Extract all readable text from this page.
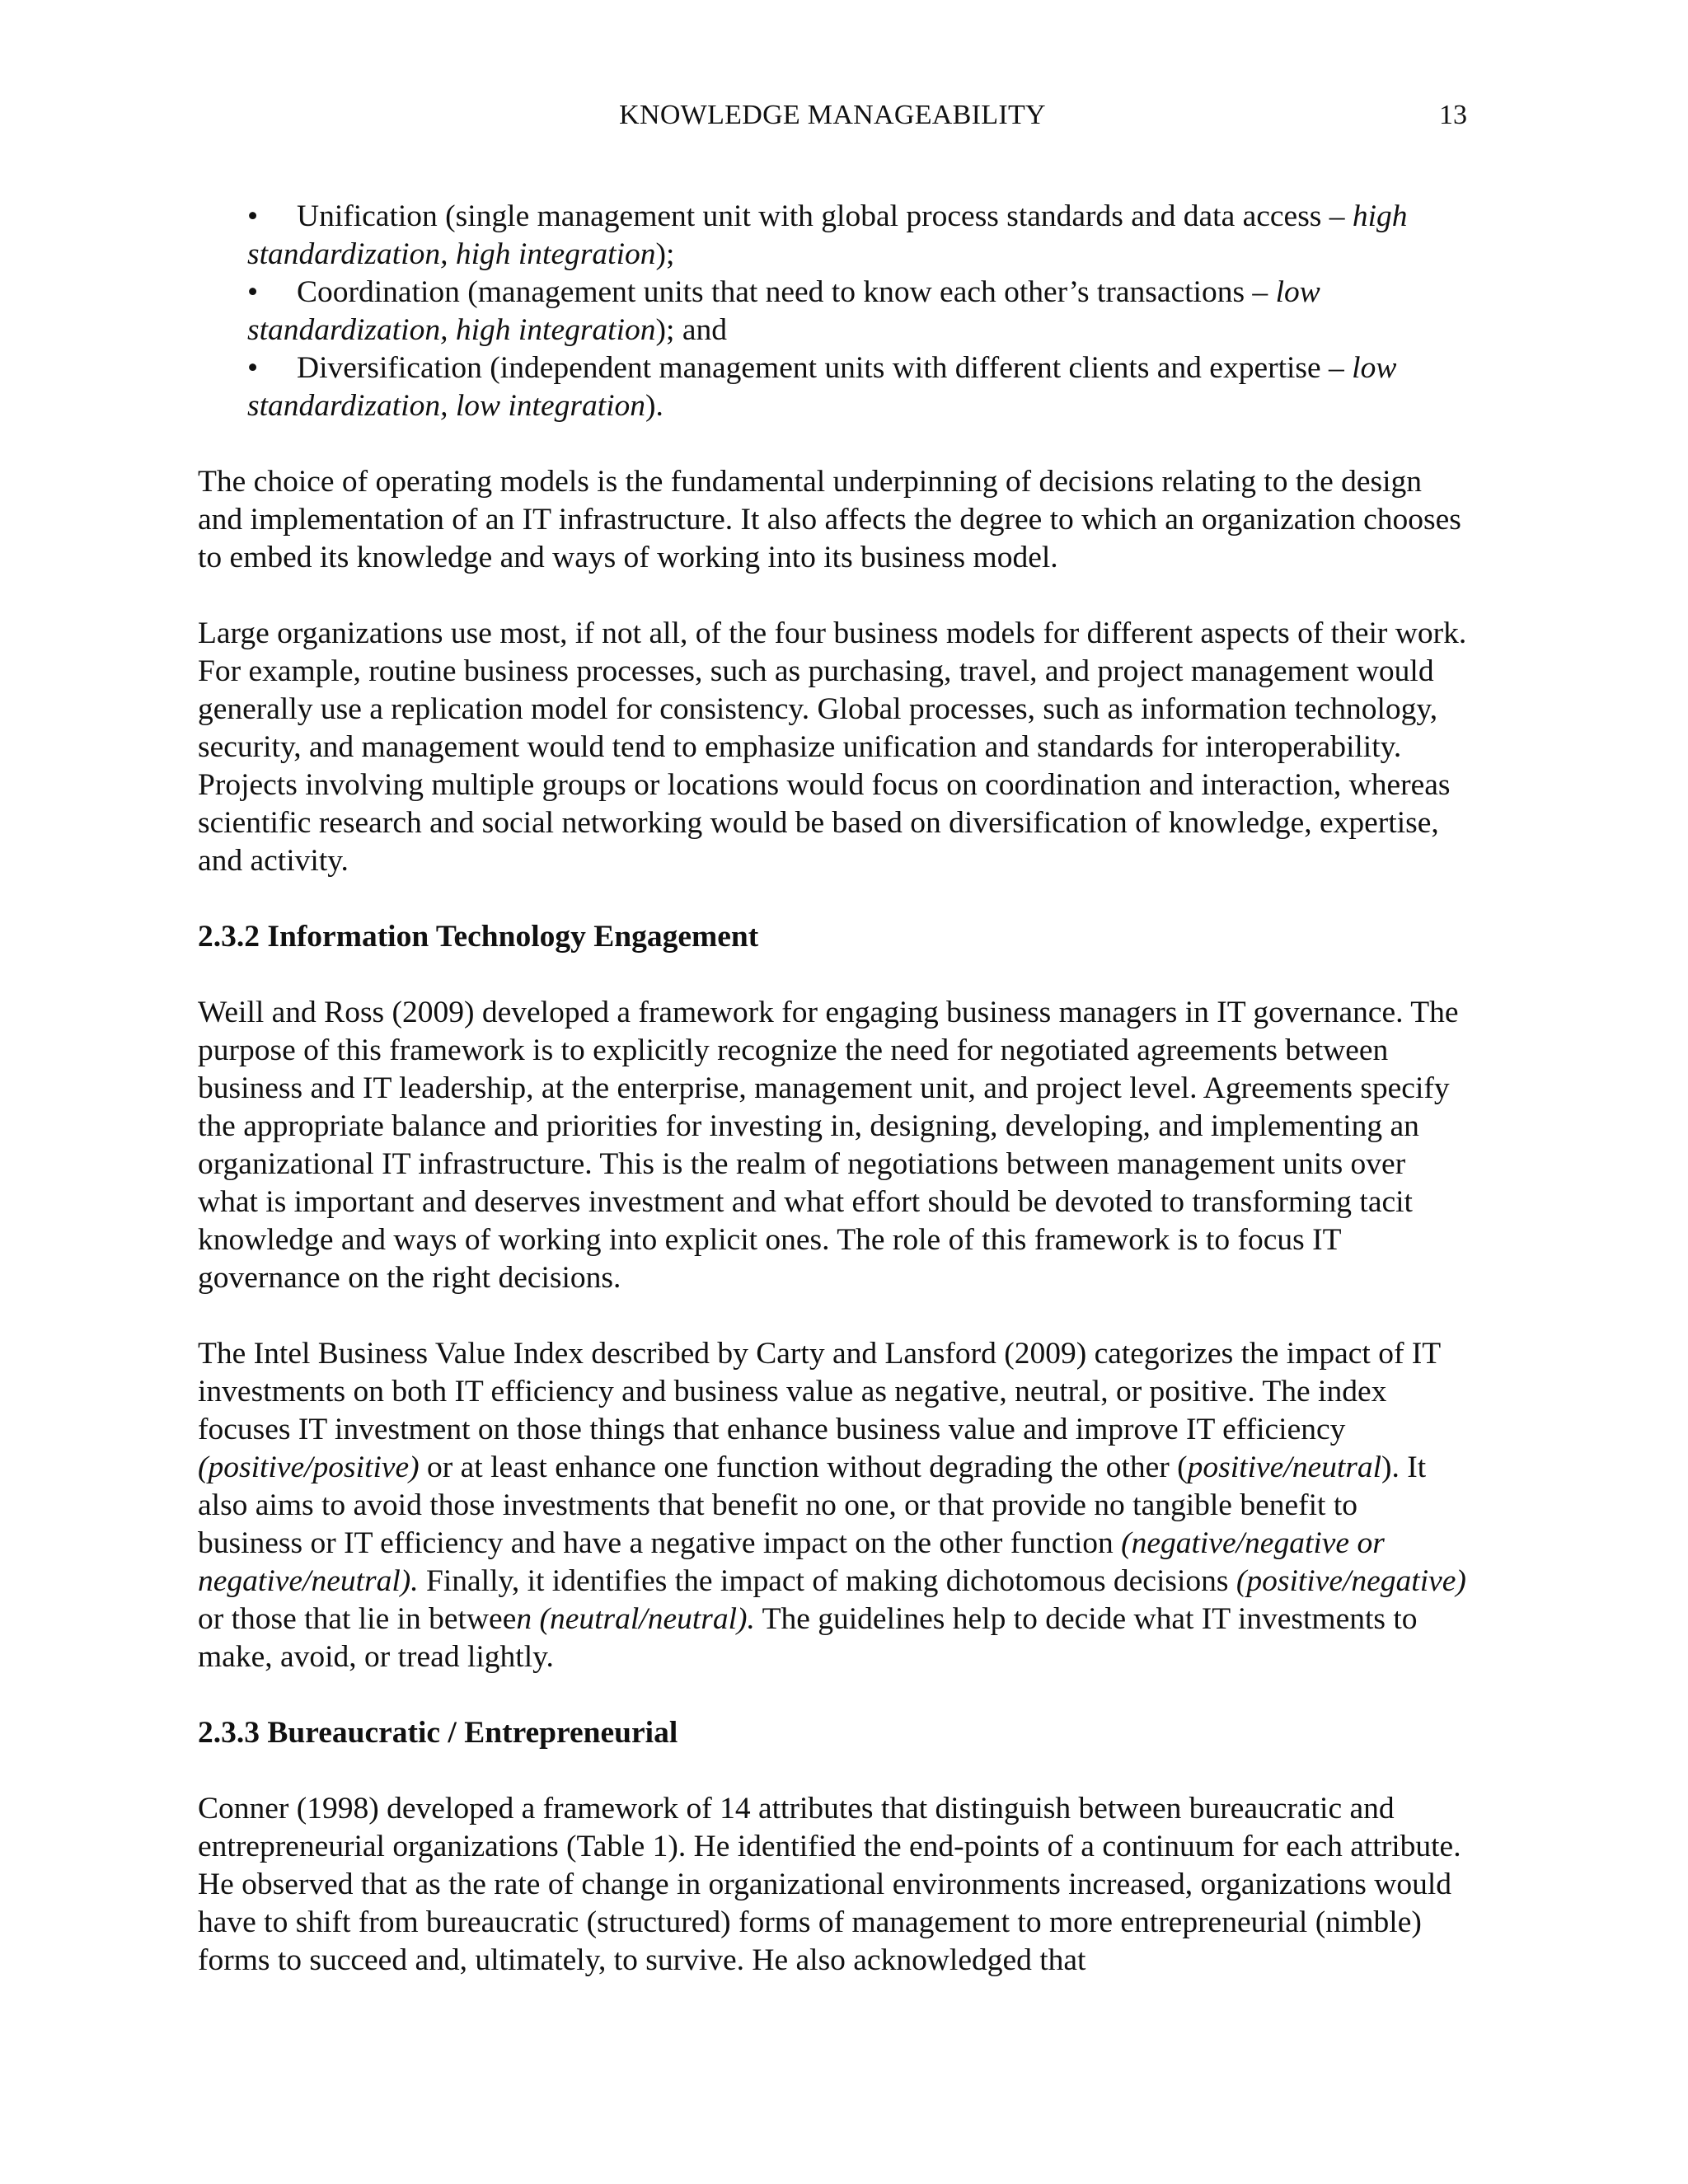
KNOWLEDGE MANAGEABILITY	13
•	Unification (single management unit with global process standards and data access – high standardization, high integration);
•	Coordination (management units that need to know each other’s transactions – low standardization, high integration); and
•	Diversification (independent management units with different clients and expertise – low standardization, low integration).

The choice of operating models is the fundamental underpinning of decisions relating to the design and implementation of an IT infrastructure. It also affects the degree to which an organization chooses to embed its knowledge and ways of working into its business model.

Large organizations use most, if not all, of the four business models for different aspects of their work. For example, routine business processes, such as purchasing, travel, and project management would generally use a replication model for consistency. Global processes, such as information technology, security, and management would tend to emphasize unification and standards for interoperability. Projects involving multiple groups or locations would focus on coordination and interaction, whereas scientific research and social networking would be based on diversification of knowledge, expertise, and activity.

2.3.2 Information Technology Engagement

Weill and Ross (2009) developed a framework for engaging business managers in IT governance. The purpose of this framework is to explicitly recognize the need for negotiated agreements between business and IT leadership, at the enterprise, management unit, and project level. Agreements specify the appropriate balance and priorities for investing in, designing, developing, and implementing an organizational IT infrastructure. This is the realm of negotiations between management units over what is important and deserves investment and what effort should be devoted to transforming tacit knowledge and ways of working into explicit ones. The role of this framework is to focus IT governance on the right decisions.

The Intel Business Value Index described by Carty and Lansford (2009) categorizes the impact of IT investments on both IT efficiency and business value as negative, neutral, or positive. The index focuses IT investment on those things that enhance business value and improve IT efficiency (positive/positive) or at least enhance one function without degrading the other (positive/neutral). It also aims to avoid those investments that benefit no one, or that provide no tangible benefit to business or IT efficiency and have a negative impact on the other function (negative/negative or negative/neutral). Finally, it identifies the impact of making dichotomous decisions (positive/negative) or those that lie in between (neutral/neutral). The guidelines help to decide what IT investments to make, avoid, or tread lightly.

2.3.3 Bureaucratic / Entrepreneurial

Conner (1998) developed a framework of 14 attributes that distinguish between bureaucratic and entrepreneurial organizations (Table 1). He identified the end-points of a continuum for each attribute. He observed that as the rate of change in organizational environments increased, organizations would have to shift from bureaucratic (structured) forms of management to more entrepreneurial (nimble) forms to succeed and, ultimately, to survive. He also acknowledged that
